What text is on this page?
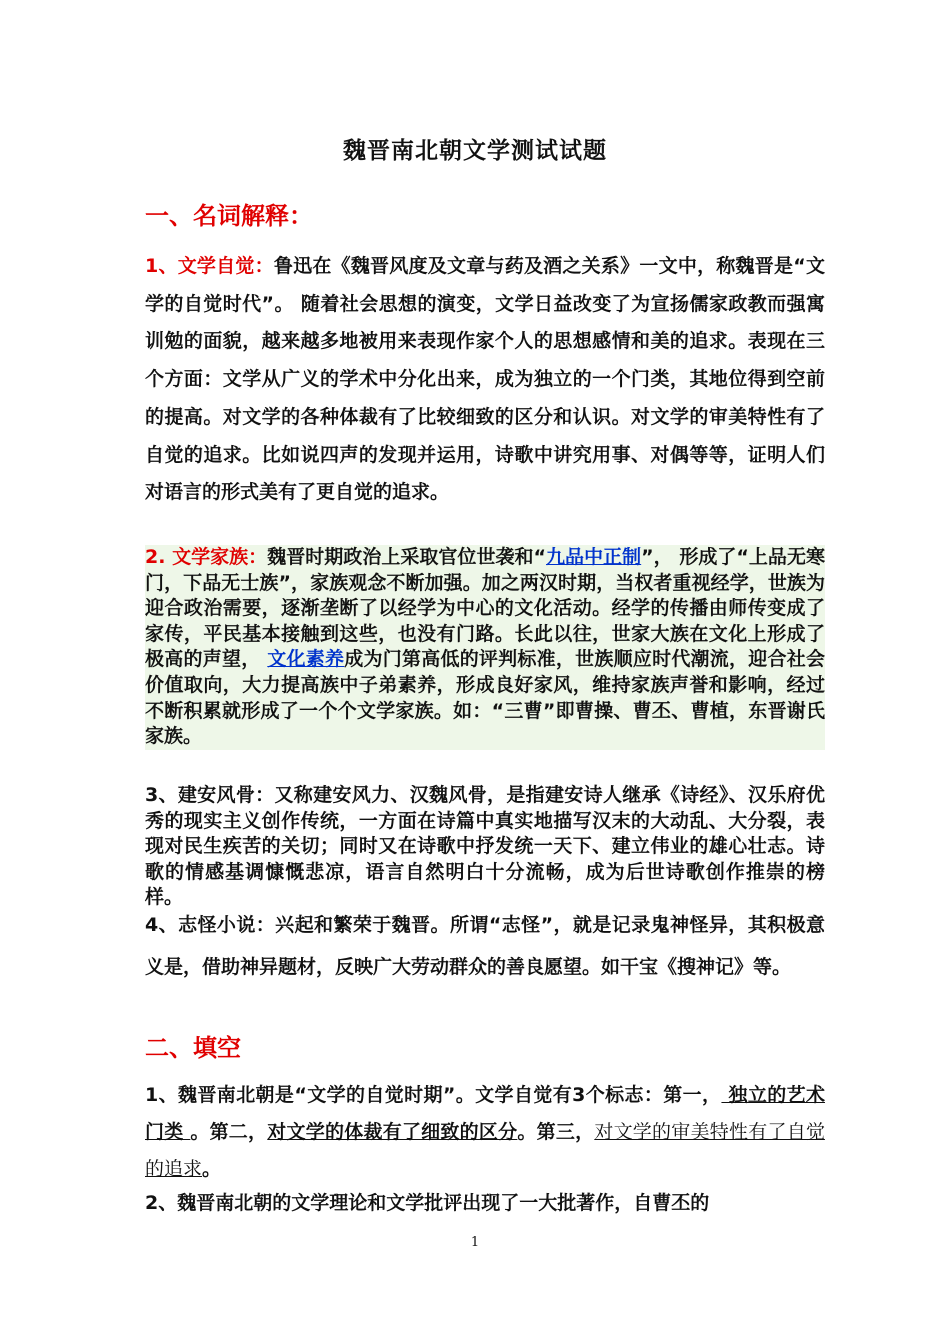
魏晋南北朝文学测试试题
一、名词解释：
1、文学自觉：鲁迅在《魏晋风度及文章与药及酒之关系》一文中，称魏晋是“文学的自觉时代”。 随着社会思想的演变，文学日益改变了为宣扬儒家政教而强寓训勉的面貌，越来越多地被用来表现作家个人的思想感情和美的追求。表现在三个方面：文学从广义的学术中分化出来，成为独立的一个门类，其地位得到空前的提高。对文学的各种体裁有了比较细致的区分和认识。对文学的审美特性有了自觉的追求。比如说四声的发现并运用，诗歌中讲究用事、对偶等等，证明人们对语言的形式美有了更自觉的追求。
2. 文学家族：魏晋时期政治上采取官位世袭和“九品中正制”， 形成了“上品无寒门，下品无士族”，家族观念不断加强。加之两汉时期，当权者重视经学，世族为迎合政治需要，逐渐垄断了以经学为中心的文化活动。经学的传播由师传变成了家传，平民基本接触到这些，也没有门路。长此以往，世家大族在文化上形成了极高的声望， 文化素养成为门第高低的评判标准，世族顺应时代潮流，迎合社会价值取向，大力提高族中子弟素养，形成良好家风，维持家族声誉和影响，经过不断积累就形成了一个个文学家族。如：“三曹”即曹操、曹丕、曹植，东晋谢氏家族。
3、建安风骨：又称建安风力、汉魏风骨，是指建安诗人继承《诗经》、汉乐府优秀的现实主义创作传统，一方面在诗篇中真实地描写汉末的大动乱、大分裂，表现对民生疾苦的关切；同时又在诗歌中抒发统一天下、建立伟业的雄心壮志。诗歌的情感基调慷慨悲凉，语言自然明白十分流畅，成为后世诗歌创作推崇的榜样。
4、志怪小说：兴起和繁荣于魏晋。所谓“志怪”，就是记录鬼神怪异，其积极意义是，借助神异题材，反映广大劳动群众的善良愿望。如干宝《搜神记》等。
二、填空
1、魏晋南北朝是“文学的自觉时期”。文学自觉有3个标志：第一， 独立的艺术门类 。第二，对文学的体裁有了细致的区分。第三，对文学的审美特性有了自觉的追求。
2、魏晋南北朝的文学理论和文学批评出现了一大批著作，自曹丕的
1
